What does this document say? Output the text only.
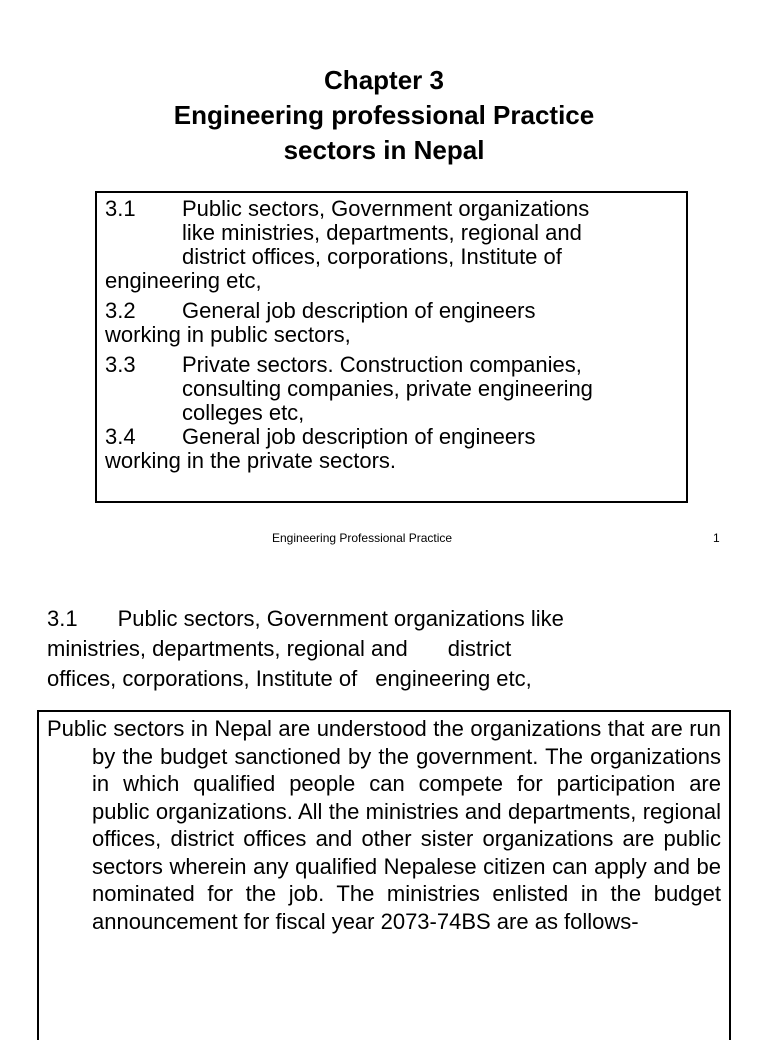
Chapter 3
Engineering professional Practice
sectors in Nepal
3.1 Public sectors, Government organizations
like ministries, departments, regional and
district offices, corporations, Institute of
engineering etc,
3.2 General job description of engineers
working in public sectors,
3.3 Private sectors. Construction companies,
consulting companies, private engineering
colleges etc,
3.4 General job description of engineers
working in the private sectors.
Engineering Professional Practice	1
3.1 Public sectors, Government organizations like
ministries, departments, regional and district
offices, corporations, Institute of engineering etc,
Public sectors in Nepal are understood the organizations that are run by the budget sanctioned by the government. The organizations in which qualified people can compete for participation are public organizations. All the ministries and departments, regional offices, district offices and other sister organizations are public sectors wherein any qualified Nepalese citizen can apply and be nominated for the job. The ministries enlisted in the budget announcement for fiscal year 2073-74BS are as follows-
